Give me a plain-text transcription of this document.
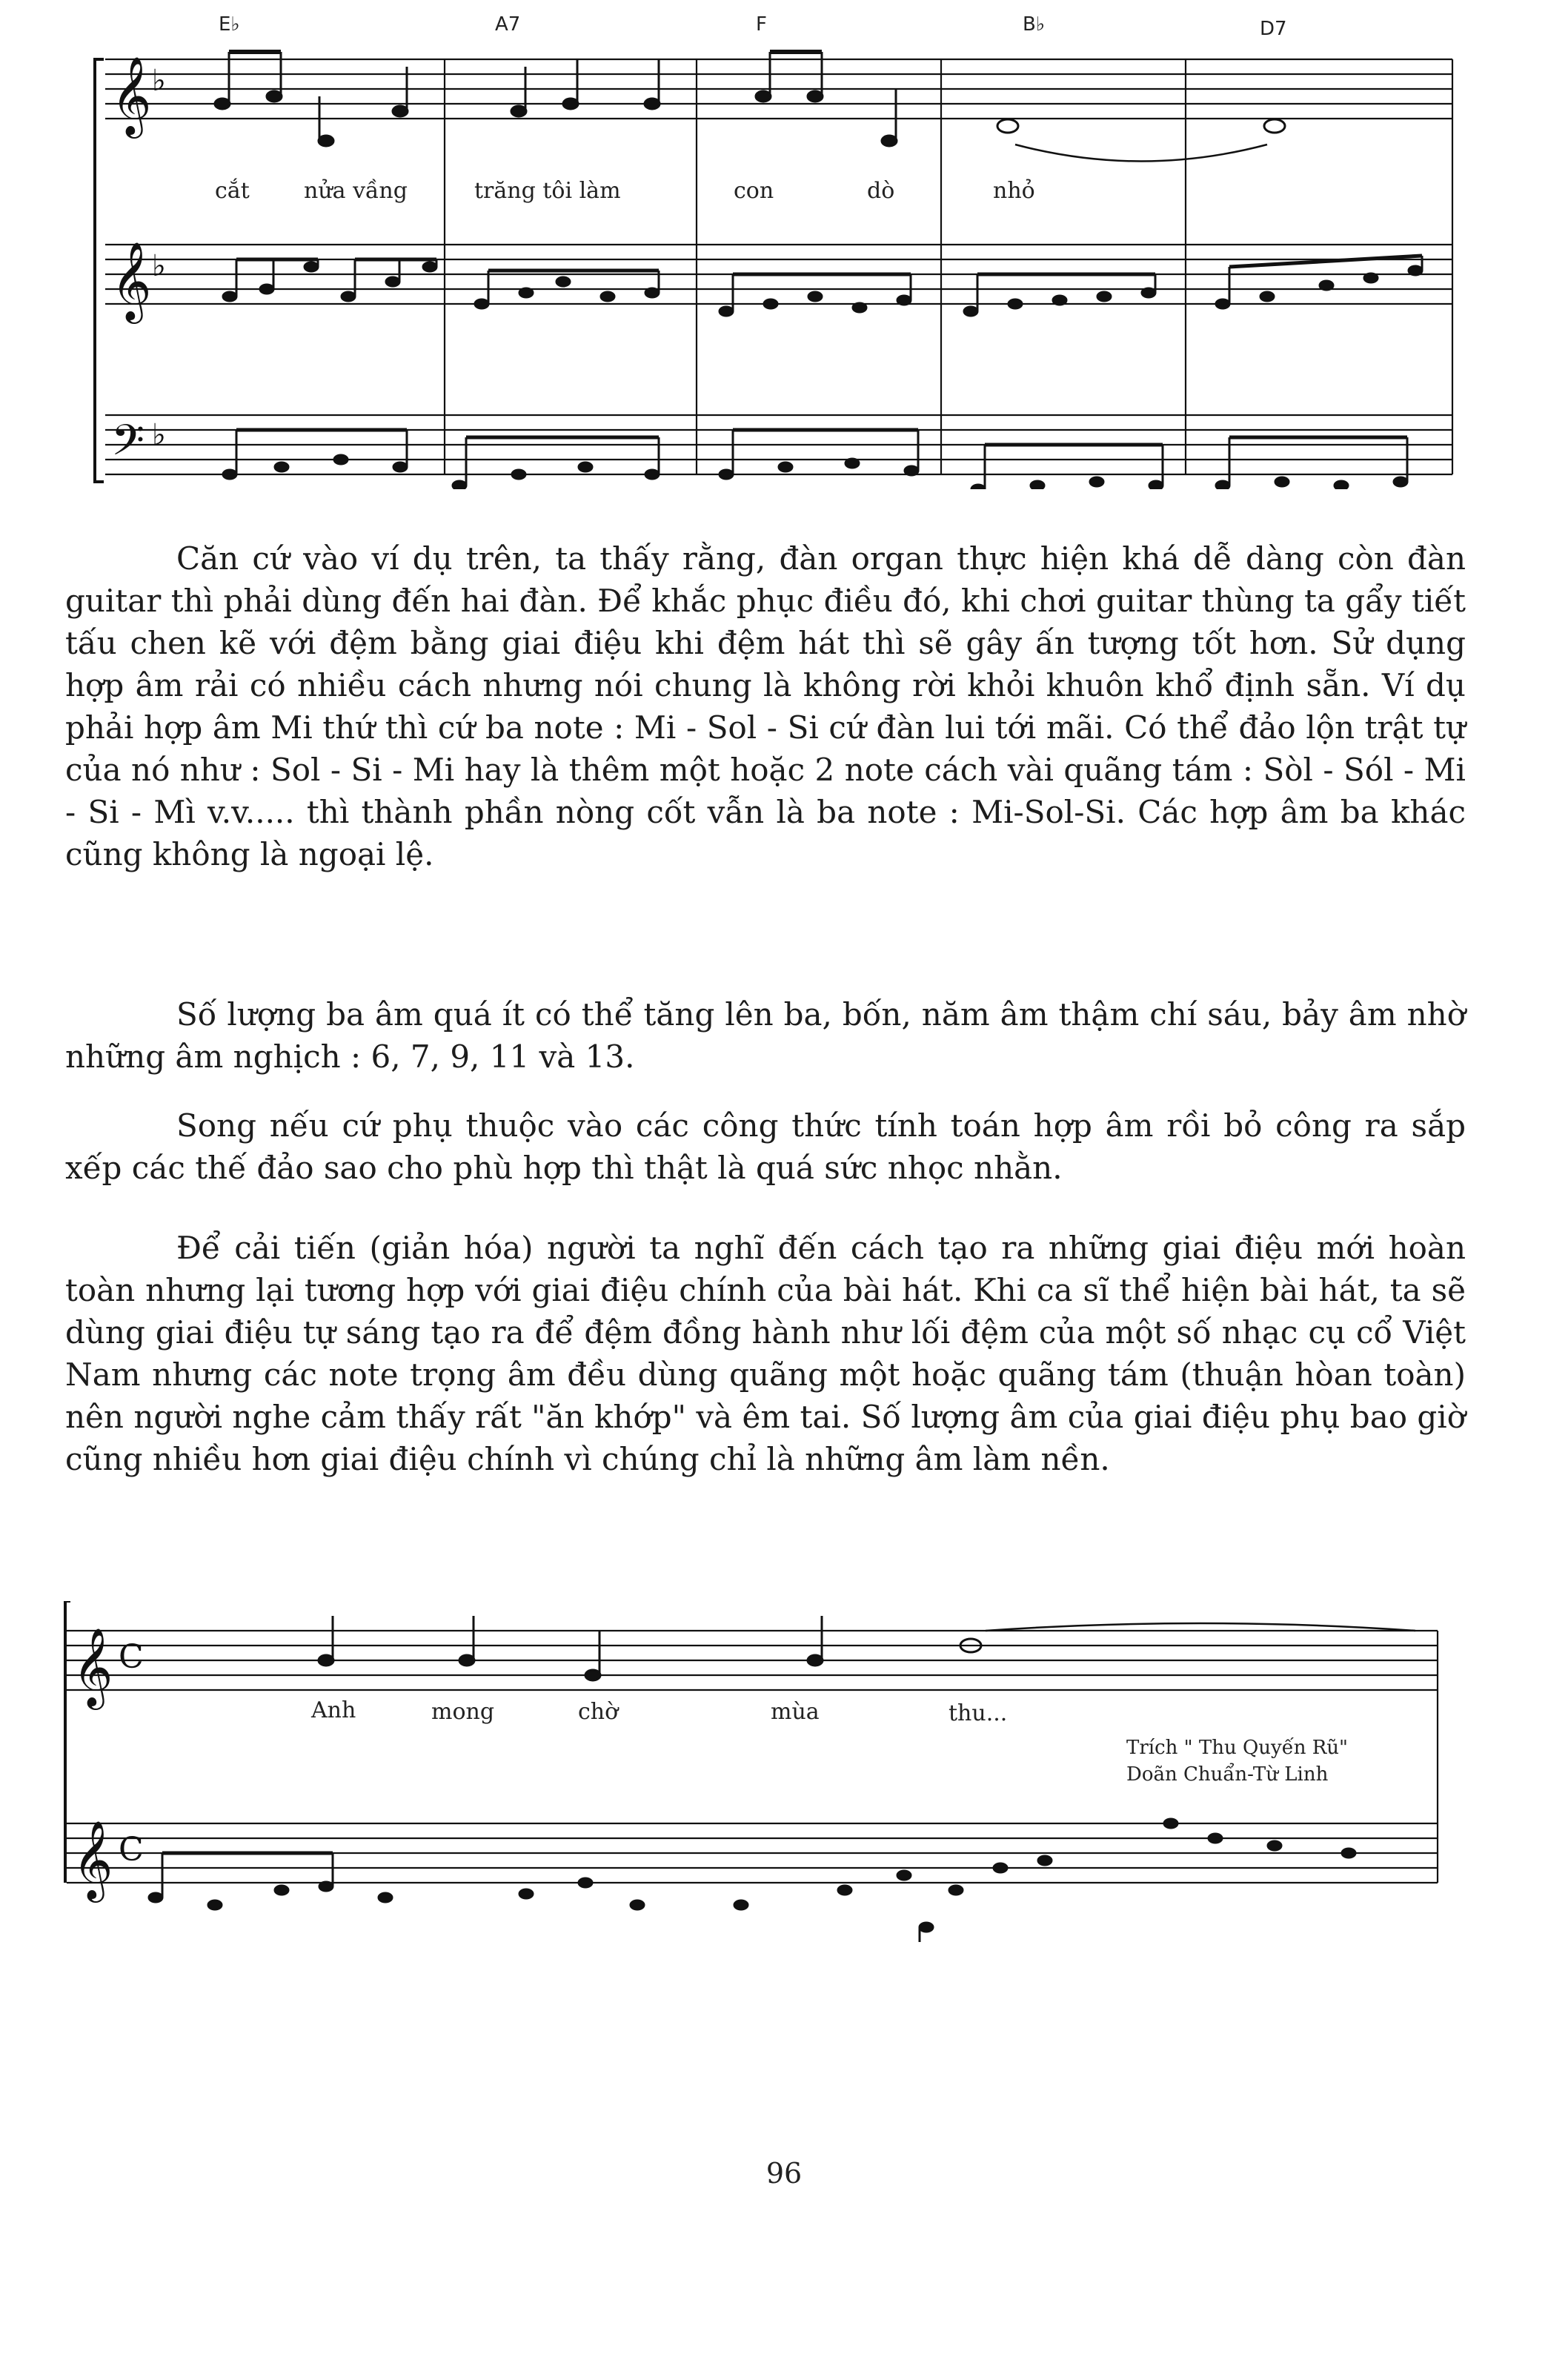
𝄞
𝄞
𝄢
♭
♭
♭
E♭	A7	F	B♭	D7
cắt nửa vầng	trăng tôi làm	con	dò	nhỏ

Căn cứ vào ví dụ trên, ta thấy rằng, đàn organ thực hiện khá dễ dàng còn đàn guitar thì phải dùng đến hai đàn. Để khắc phục điều đó, khi chơi guitar thùng ta gẩy tiết tấu chen kẽ với đệm bằng giai điệu khi đệm hát thì sẽ gây ấn tượng tốt hơn. Sử dụng hợp âm rải có nhiều cách nhưng nói chung là không rời khỏi khuôn khổ định sẵn. Ví dụ phải hợp âm Mi thứ thì cứ ba note : Mi - Sol - Si cứ đàn lui tới mãi. Có thể đảo lộn trật tự của nó như : Sol - Si - Mi hay là thêm một hoặc 2 note cách vài quãng tám : Sòl - Sól - Mi - Si - Mì v.v..... thì thành phần nòng cốt vẫn là ba note : Mi-Sol-Si. Các hợp âm ba khác cũng không là ngoại lệ.

Số lượng ba âm quá ít có thể tăng lên ba, bốn, năm âm thậm chí sáu, bảy âm nhờ những âm nghịch : 6, 7, 9, 11 và 13.

Song nếu cứ phụ thuộc vào các công thức tính toán hợp âm rồi bỏ công ra sắp xếp các thế đảo sao cho phù hợp thì thật là quá sức nhọc nhằn.

Để cải tiến (giản hóa) người ta nghĩ đến cách tạo ra những giai điệu mới hoàn toàn nhưng lại tương hợp với giai điệu chính của bài hát. Khi ca sĩ thể hiện bài hát, ta sẽ dùng giai điệu tự sáng tạo ra để đệm đồng hành như lối đệm của một số nhạc cụ cổ Việt Nam nhưng các note trọng âm đều dùng quãng một hoặc quãng tám (thuận hòan toàn) nên người nghe cảm thấy rất "ăn khớp" và êm tai. Số lượng âm của giai điệu phụ bao giờ cũng nhiều hơn giai điệu chính vì chúng chỉ là những âm làm nền.

𝄞
𝄞
C
C
Anh	mong	chờ	mùa	thu...
Trích " Thu Quyến Rũ"
Doãn Chuẩn-Từ Linh
96
